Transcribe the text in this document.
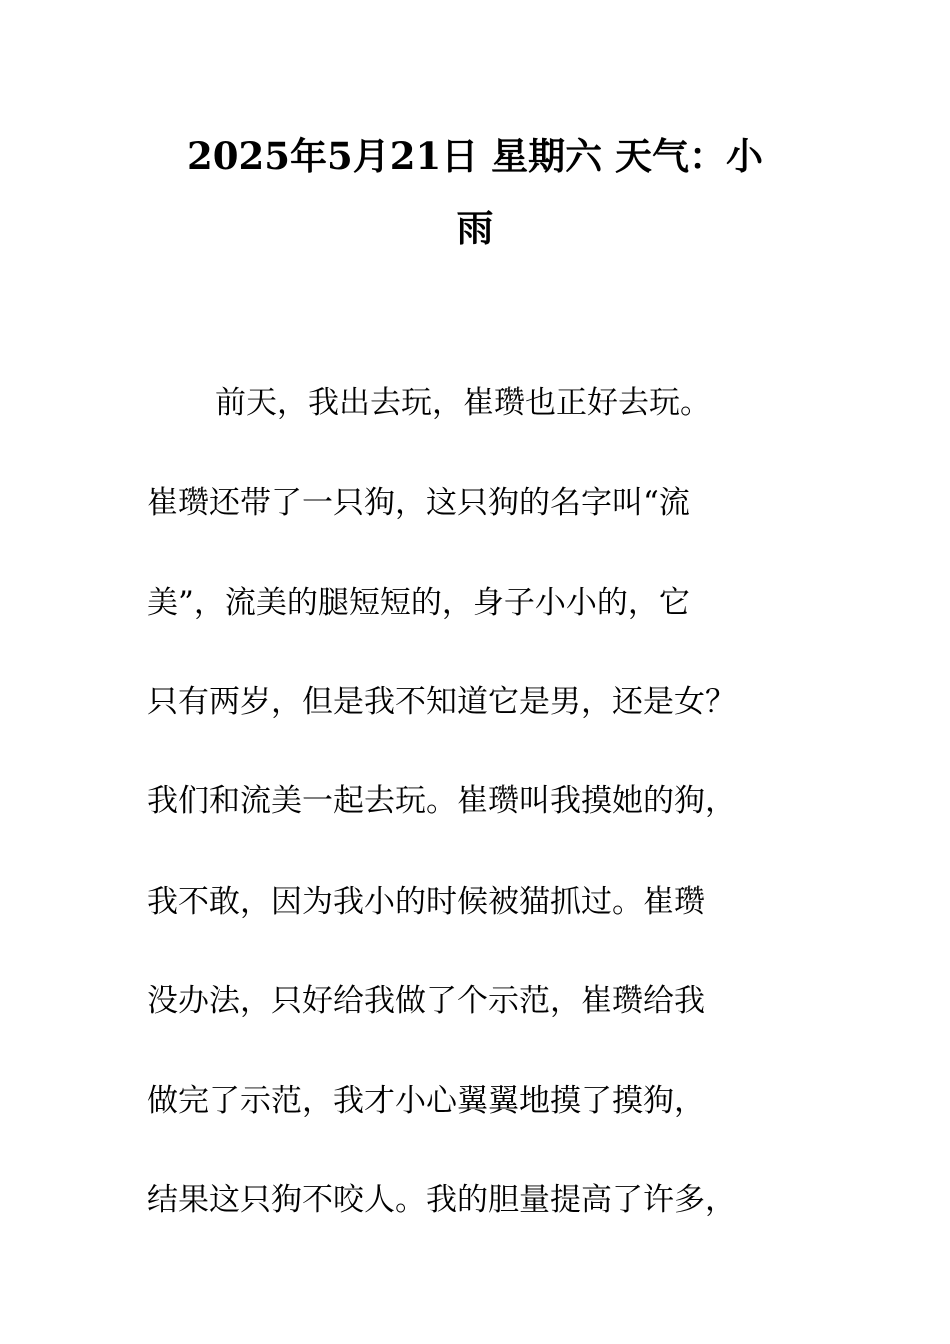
2025年5月21日 星期六 天气：小
雨
前天，我出去玩，崔瓒也正好去玩。
崔瓒还带了一只狗，这只狗的名字叫“流
美”，流美的腿短短的，身子小小的，它
只有两岁，但是我不知道它是男，还是女？
我们和流美一起去玩。崔瓒叫我摸她的狗，
我不敢，因为我小的时候被猫抓过。崔瓒
没办法，只好给我做了个示范，崔瓒给我
做完了示范，我才小心翼翼地摸了摸狗，
结果这只狗不咬人。我的胆量提高了许多，
